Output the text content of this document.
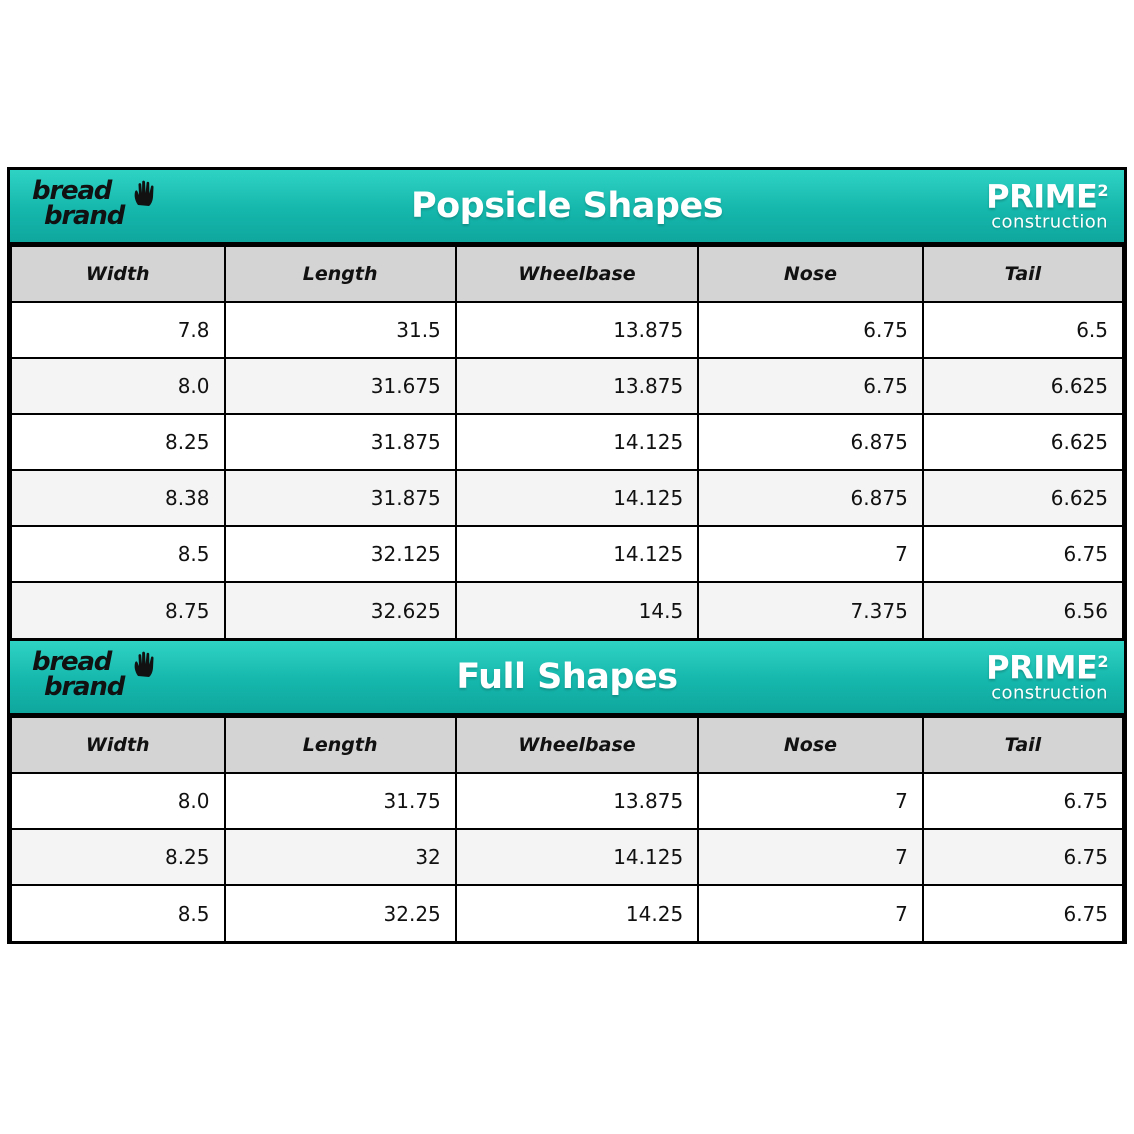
bread
brand	Popsicle Shapes	PRIME$^2$
construction
Width	Length	Wheelbase	Nose	Tail
7.8	31.5	13.875	6.75	6.5
8.0	31.675	13.875	6.75	6.625
8.25	31.875	14.125	6.875	6.625
8.38	31.875	14.125	6.875	6.625
8.5	32.125	14.125	7	6.75
8.75	32.625	14.5	7.375	6.56
bread
brand	Full Shapes	PRIME$^2$
construction
Width	Length	Wheelbase	Nose	Tail
8.0	31.75	13.875	7	6.75
8.25	32	14.125	7	6.75
8.5	32.25	14.25	7	6.75
